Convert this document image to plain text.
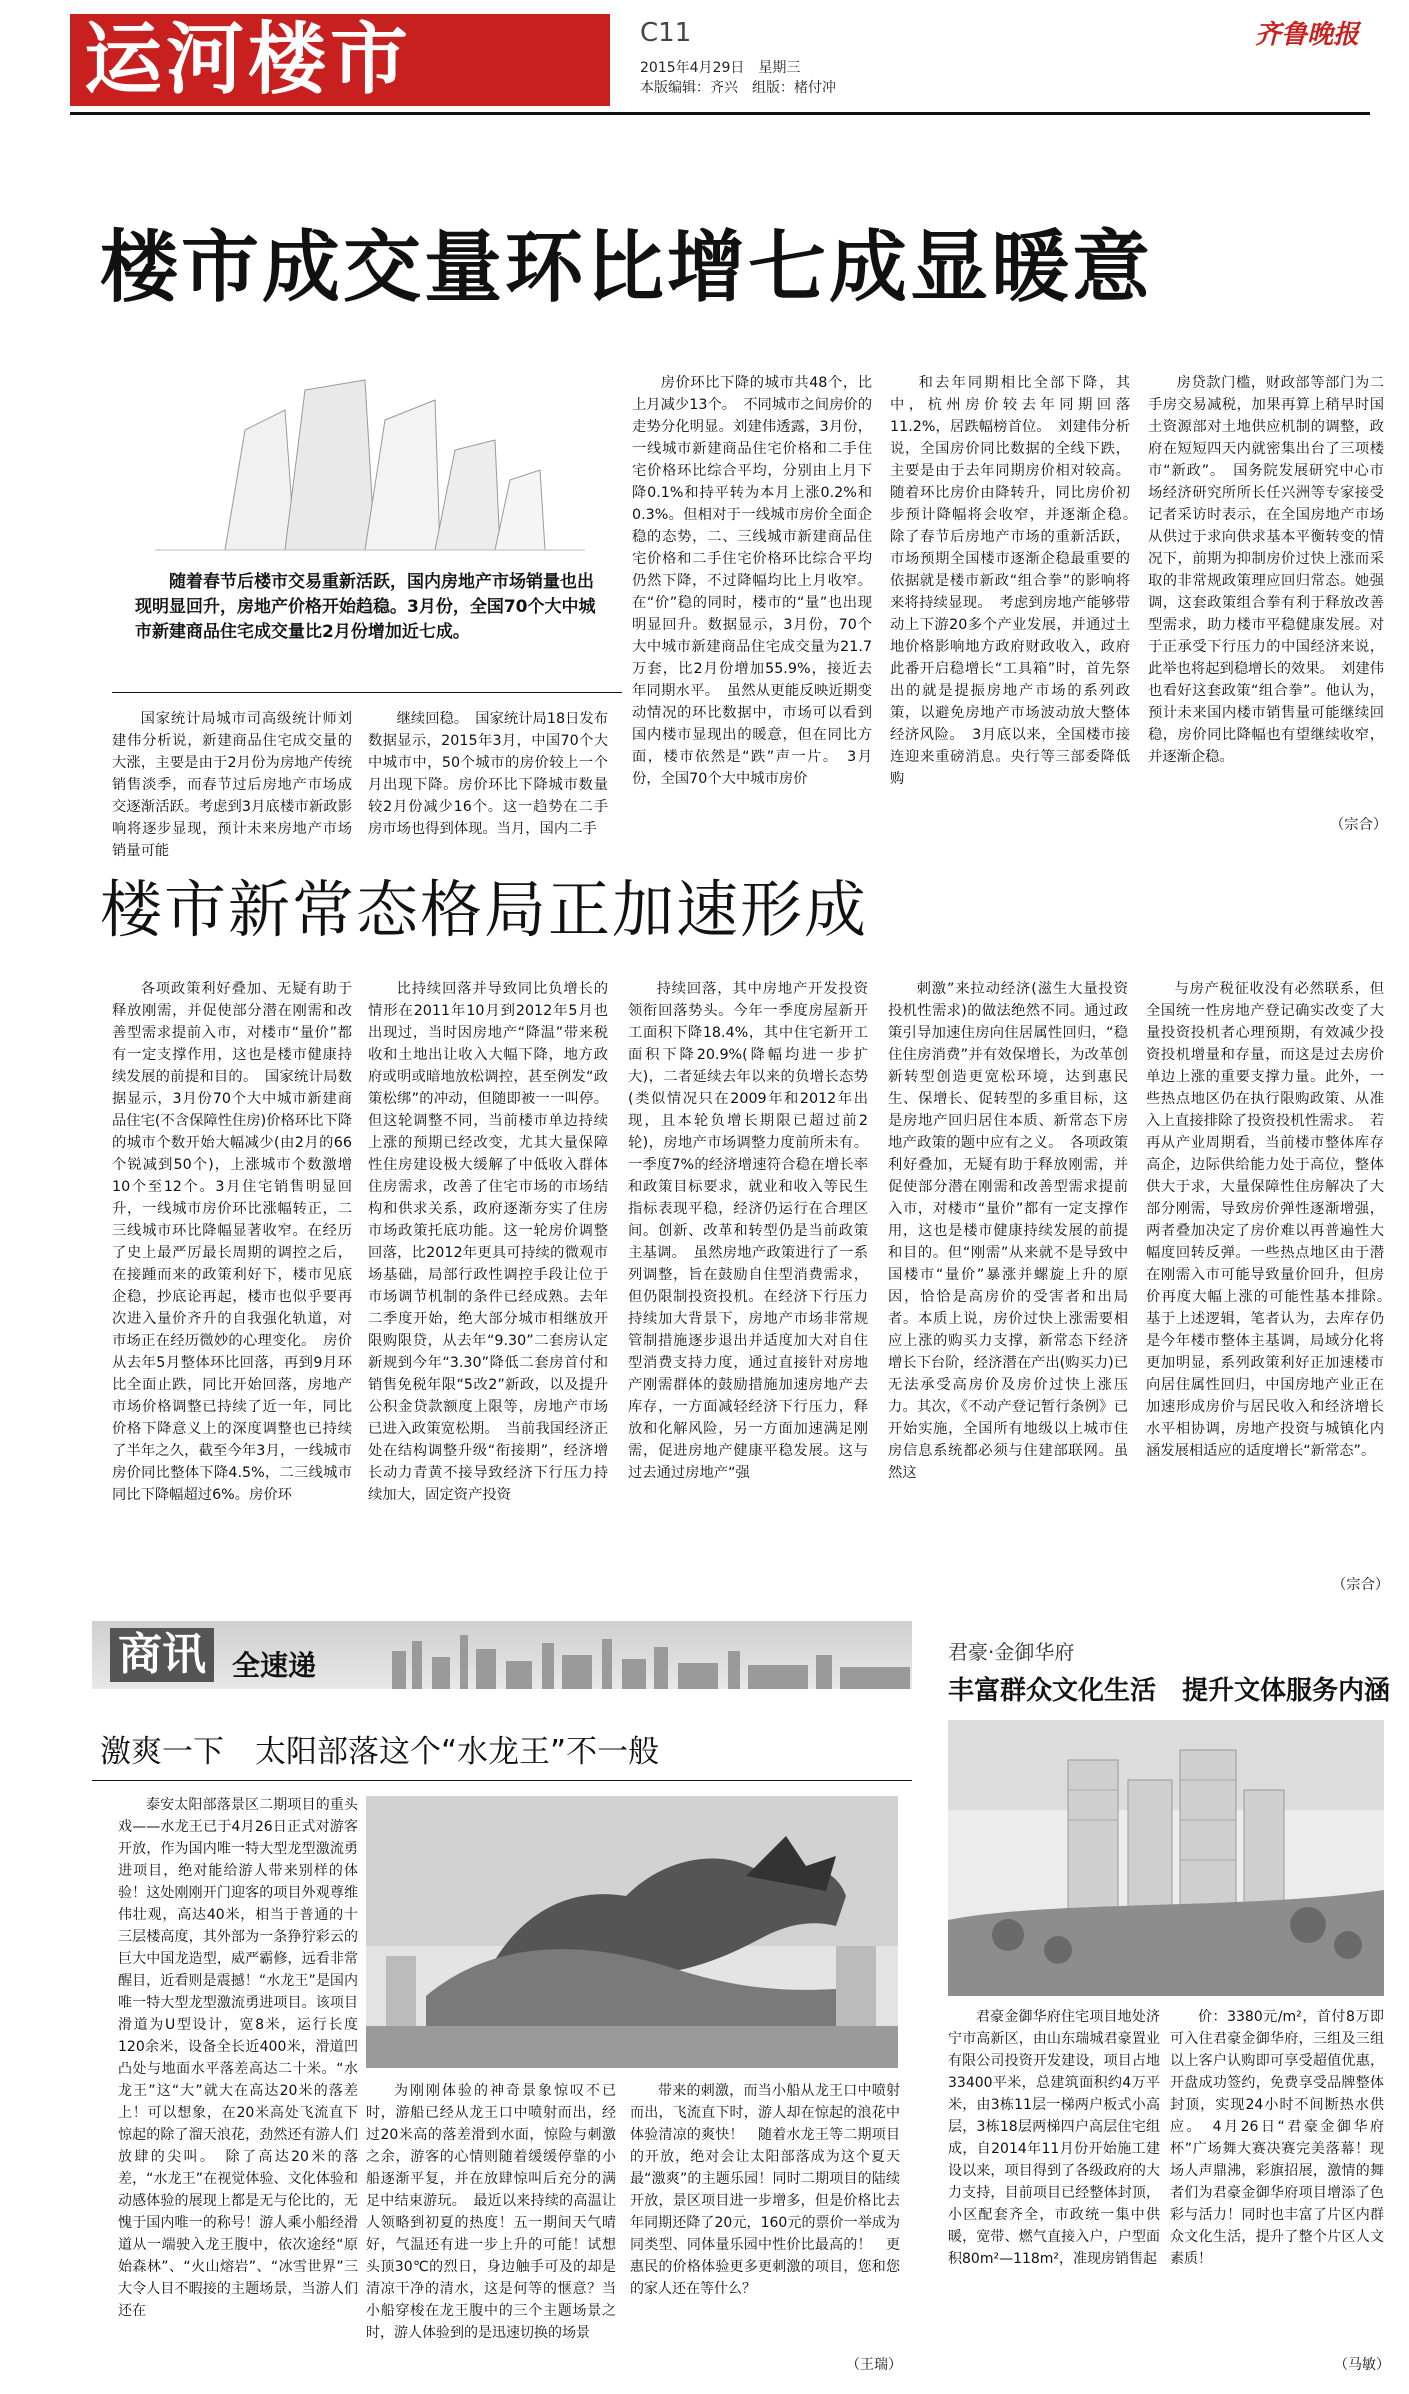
运河楼市	C11
2015年4月29日　星期三
本版编辑：齐兴　组版：楮付冲
齐鲁晚报
楼市成交量环比增七成显暖意
随着春节后楼市交易重新活跃，国内房地产市场销量也出现明显回升，房地产价格开始趋稳。3月份，全国70个大中城市新建商品住宅成交量比2月份增加近七成。

国家统计局城市司高级统计师刘建伟分析说，新建商品住宅成交量的大涨，主要是由于2月份为房地产传统销售淡季，而春节过后房地产市场成交逐渐活跃。考虑到3月底楼市新政影响将逐步显现，预计未来房地产市场销量可能

继续回稳。　国家统计局18日发布数据显示，2015年3月，中国70个大中城市中，50个城市的房价较上一个月出现下降。房价环比下降城市数量较2月份减少16个。这一趋势在二手房市场也得到体现。当月，国内二手

房价环比下降的城市共48个，比上月减少13个。　不同城市之间房价的走势分化明显。刘建伟透露，3月份，一线城市新建商品住宅价格和二手住宅价格环比综合平均，分别由上月下降0.1%和持平转为本月上涨0.2%和0.3%。但相对于一线城市房价全面企稳的态势，二、三线城市新建商品住宅价格和二手住宅价格环比综合平均仍然下降，不过降幅均比上月收窄。在“价”稳的同时，楼市的“量”也出现明显回升。数据显示，3月份，70个大中城市新建商品住宅成交量为21.7万套，比2月份增加55.9%，接近去年同期水平。　虽然从更能反映近期变动情况的环比数据中，市场可以看到国内楼市显现出的暖意，但在同比方面，楼市依然是“跌”声一片。　3月份，全国70个大中城市房价

和去年同期相比全部下降，其中，杭州房价较去年同期回落11.2%，居跌幅榜首位。　刘建伟分析说，全国房价同比数据的全线下跌，主要是由于去年同期房价相对较高。随着环比房价由降转升，同比房价初步预计降幅将会收窄，并逐渐企稳。　除了春节后房地产市场的重新活跃，市场预期全国楼市逐渐企稳最重要的依据就是楼市新政“组合拳”的影响将来将持续显现。　考虑到房地产能够带动上下游20多个产业发展，并通过土地价格影响地方政府财政收入，政府此番开启稳增长“工具箱”时，首先祭出的就是提振房地产市场的系列政策，以避免房地产市场波动放大整体经济风险。　3月底以来，全国楼市接连迎来重磅消息。央行等三部委降低购

房贷款门槛，财政部等部门为二手房交易减税，加果再算上稍早时国土资源部对土地供应机制的调整，政府在短短四天内就密集出台了三项楼市“新政”。　国务院发展研究中心市场经济研究所所长任兴洲等专家接受记者采访时表示，在全国房地产市场从供过于求向供求基本平衡转变的情况下，前期为抑制房价过快上涨而采取的非常规政策理应回归常态。她强调，这套政策组合拳有利于释放改善型需求，助力楼市平稳健康发展。对于正承受下行压力的中国经济来说，此举也将起到稳增长的效果。　刘建伟也看好这套政策“组合拳”。他认为，预计未来国内楼市销售量可能继续回稳，房价同比降幅也有望继续收窄，并逐渐企稳。

（宗合）
楼市新常态格局正加速形成

各项政策利好叠加、无疑有助于释放刚需，并促使部分潜在刚需和改善型需求提前入市，对楼市“量价”都有一定支撑作用，这也是楼市健康持续发展的前提和目的。　国家统计局数据显示，3月份70个大中城市新建商品住宅(不含保障性住房)价格环比下降的城市个数开始大幅减少(由2月的66个锐减到50个)，上涨城市个数激增10个至12个。3月住宅销售明显回升，一线城市房价环比涨幅转正，二三线城市环比降幅显著收窄。在经历了史上最严厉最长周期的调控之后，在接踵而来的政策利好下，楼市见底企稳，抄底论再起，楼市也似乎要再次进入量价齐升的自我强化轨道，对市场正在经历微妙的心理变化。　房价从去年5月整体环比回落，再到9月环比全面止跌，同比开始回落，房地产市场价格调整已持续了近一年，同比价格下降意义上的深度调整也已持续了半年之久，截至今年3月，一线城市房价同比整体下降4.5%，二三线城市同比下降幅超过6%。房价环

比持续回落并导致同比负增长的情形在2011年10月到2012年5月也出现过，当时因房地产“降温”带来税收和土地出让收入大幅下降，地方政府或明或暗地放松调控，甚至例发“政策松绑”的冲动，但随即被一一叫停。但这轮调整不同，当前楼市单边持续上涨的预期已经改变，尤其大量保障性住房建设极大缓解了中低收入群体住房需求，改善了住宅市场的市场结构和供求关系，政府逐渐夯实了住房市场政策托底功能。这一轮房价调整回落，比2012年更具可持续的微观市场基础，局部行政性调控手段让位于市场调节机制的条件已经成熟。去年二季度开始，绝大部分城市相继放开限购限贷，从去年“9.30”二套房认定新规到今年“3.30”降低二套房首付和销售免税年限“5改2”新政，以及提升公积金贷款额度上限等，房地产市场已进入政策宽松期。　当前我国经济正处在结构调整升级“衔接期”，经济增长动力青黄不接导致经济下行压力持续加大，固定资产投资

持续回落，其中房地产开发投资领衔回落势头。今年一季度房屋新开工面积下降18.4%，其中住宅新开工面积下降20.9%(降幅均进一步扩大)，二者延续去年以来的负增长态势(类似情况只在2009年和2012年出现，且本轮负增长期限已超过前2轮)，房地产市场调整力度前所未有。一季度7%的经济增速符合稳在增长率和政策目标要求，就业和收入等民生指标表现平稳，经济仍运行在合理区间。创新、改革和转型仍是当前政策主基调。　虽然房地产政策进行了一系列调整，旨在鼓励自住型消费需求，但仍限制投资投机。在经济下行压力持续加大背景下，房地产市场非常规管制措施逐步退出并适度加大对自住型消费支持力度，通过直接针对房地产刚需群体的鼓励措施加速房地产去库存，一方面减轻经济下行压力，释放和化解风险，另一方面加速满足刚需，促进房地产健康平稳发展。这与过去通过房地产“强

刺激”来拉动经济(滋生大量投资投机性需求)的做法绝然不同。通过政策引导加速住房向住居属性回归，“稳住住房消费”并有效保增长，为改革创新转型创造更宽松环境，达到惠民生、保增长、促转型的多重目标，这是房地产回归居住本质、新常态下房地产政策的题中应有之义。　各项政策利好叠加，无疑有助于释放刚需，并促使部分潜在刚需和改善型需求提前入市，对楼市“量价”都有一定支撑作用，这也是楼市健康持续发展的前提和目的。但“刚需”从来就不是导致中国楼市“量价”暴涨并螺旋上升的原因，恰恰是高房价的受害者和出局者。本质上说，房价过快上涨需要相应上涨的购买力支撑，新常态下经济增长下台阶，经济潜在产出(购买力)已无法承受高房价及房价过快上涨压力。其次，《不动产登记暂行条例》已开始实施，全国所有地级以上城市住房信息系统都必须与住建部联网。虽然这

与房产税征收没有必然联系，但全国统一性房地产登记确实改变了大量投资投机者心理预期，有效减少投资投机增量和存量，而这是过去房价单边上涨的重要支撑力量。此外，一些热点地区仍在执行限购政策、从准入上直接排除了投资投机性需求。　若再从产业周期看，当前楼市整体库存高企，边际供给能力处于高位，整体供大于求，大量保障性住房解决了大部分刚需，导致房价弹性逐渐增强，两者叠加决定了房价难以再普遍性大幅度回转反弹。一些热点地区由于潜在刚需入市可能导致量价回升，但房价再度大幅上涨的可能性基本排除。　基于上述逻辑，笔者认为，去库存仍是今年楼市整体主基调，局域分化将更加明显，系列政策利好正加速楼市向居住属性回归，中国房地产业正在加速形成房价与居民收入和经济增长水平相协调，房地产投资与城镇化内涵发展相适应的适度增长“新常态”。

（宗合）
商讯 全速递
激爽一下　太阳部落这个“水龙王”不一般

泰安太阳部落景区二期项目的重头戏——水龙王已于4月26日正式对游客开放，作为国内唯一特大型龙型激流勇进项目，绝对能给游人带来别样的体验！这处刚刚开门迎客的项目外观尊维伟壮观，高达40米，相当于普通的十三层楼高度，其外部为一条狰狞彩云的巨大中国龙造型，威严霸修，远看非常醒目，近看则是震撼！“水龙王”是国内唯一特大型龙型激流勇进项目。该项目滑道为U型设计，宽8米，运行长度120余米，设备全长近400米，滑道凹凸处与地面水平落差高达二十米。“水龙王”这“大”就大在高达20米的落差上！可以想象，在20米高处飞流直下惊起的除了溜天浪花，劲然还有游人们放肆的尖叫。　除了高达20米的落差，“水龙王”在视觉体验、文化体验和动感体验的展现上都是无与伦比的，无愧于国内唯一的称号！游人乘小船经滑道从一端驶入龙王腹中，依次途经“原始森林”、“火山熔岩”、“冰雪世界”三大令人目不暇接的主题场景，当游人们还在

为刚刚体验的神奇景象惊叹不已时，游船已经从龙王口中喷射而出，经过20米高的落差滑到水面，惊险与刺激之余，游客的心情则随着缓缓停靠的小船逐渐平复，并在放肆惊叫后充分的满足中结束游玩。　最近以来持续的高温让人领略到初夏的热度！五一期间天气晴好，气温还有进一步上升的可能！试想头顶30℃的烈日，身边触手可及的却是清凉干净的清水，这是何等的惬意？当小船穿梭在龙王腹中的三个主题场景之时，游人体验到的是迅速切换的场景

带来的刺激，而当小船从龙王口中喷射而出，飞流直下时，游人却在惊起的浪花中体验清凉的爽快！　随着水龙王等二期项目的开放，绝对会让太阳部落成为这个夏天最“激爽”的主题乐园！同时二期项目的陆续开放，景区项目进一步增多，但是价格比去年同期还降了20元，160元的票价一举成为同类型、同体量乐园中性价比最高的！　更惠民的价格体验更多更刺激的项目，您和您的家人还在等什么？

（王瑞）
君豪·金御华府
丰富群众文化生活　提升文体服务内涵

君豪金御华府住宅项目地处济宁市高新区，由山东瑞城君豪置业有限公司投资开发建设，项目占地33400平米，总建筑面积约4万平米，由3栋11层一梯两户板式小高层，3栋18层两梯四户高层住宅组成，自2014年11月份开始施工建设以来，项目得到了各级政府的大力支持，目前项目已经整体封顶，小区配套齐全，市政统一集中供暖，宽带、燃气直接入户，户型面积80m²—118m²，准现房销售起

价：3380元/m²，首付8万即可入住君豪金御华府，三组及三组以上客户认购即可享受超值优惠，开盘成功签约，免费享受品牌整体封顶，实现24小时不间断热水供应。　4月26日“君豪金御华府杯”广场舞大赛决赛完美落幕！现场人声鼎沸，彩旗招展，激情的舞者们为君豪金御华府项目增添了色彩与活力！同时也丰富了片区内群众文化生活，提升了整个片区人文素质！

（马敏）
